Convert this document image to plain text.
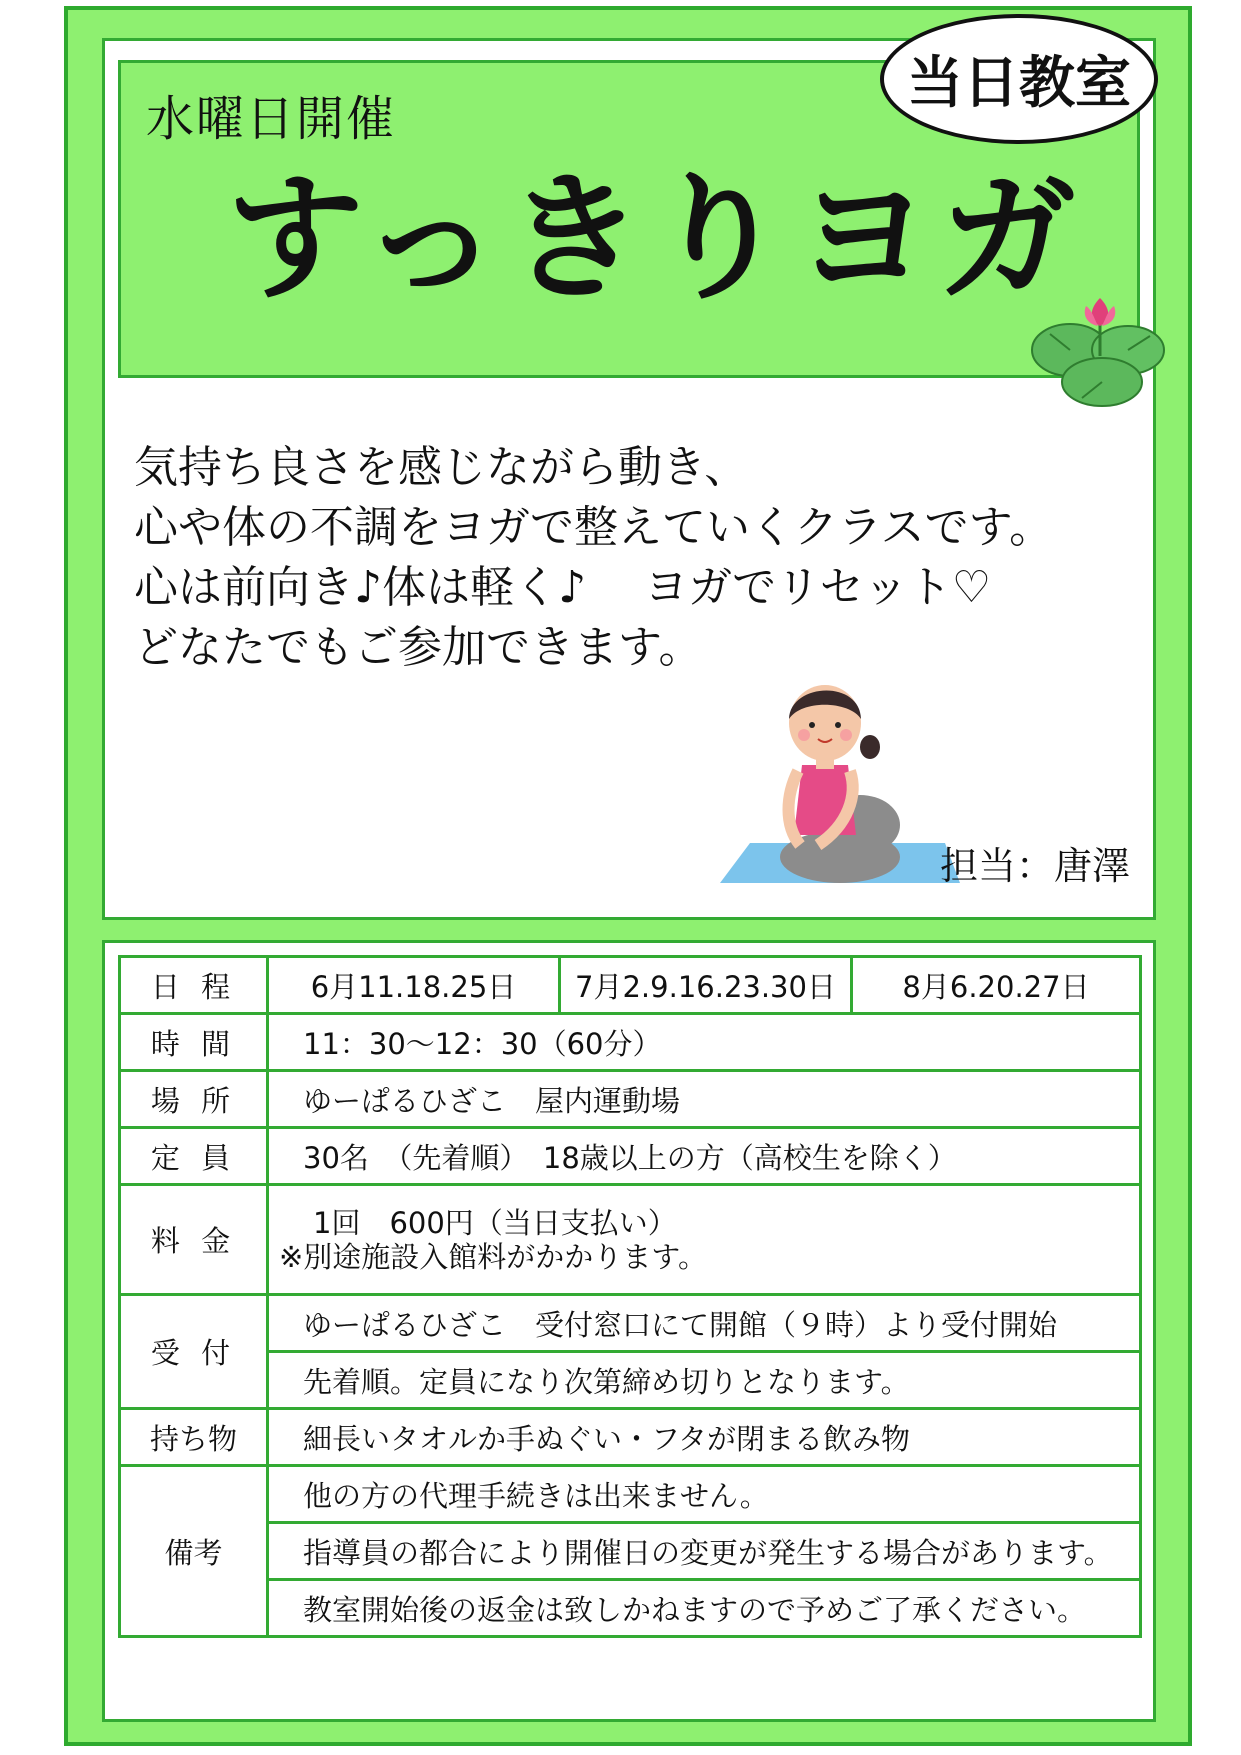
水曜日開催
すっきりヨガ
当日教室
気持ち良さを感じながら動き、
心や体の不調をヨガで整えていくクラスです。
心は前向き♪体は軽く♪　 ヨガでリセット♡
どなたでもご参加できます。
担当：唐澤
日 程	6月11.18.25日	7月2.9.16.23.30日	8月6.20.27日
時 間	11：30〜12：30（60分）		
場 所	ゆーぱるひざこ　屋内運動場		
定 員	30名　（先着順）　18歳以上の方（高校生を除く）		
料 金	1回　600円（当日支払い）
※別途施設入館料がかかります。		

受 付	ゆーぱるひざこ　受付窓口にて開館（９時）より受付開始		
	先着順。定員になり次第締め切りとなります。		
持ち物	細長いタオルか手ぬぐい・フタが閉まる飲み物		
備考	他の方の代理手続きは出来ません。		
	指導員の都合により開催日の変更が発生する場合があります。		
	教室開始後の返金は致しかねますので予めご了承ください。		
